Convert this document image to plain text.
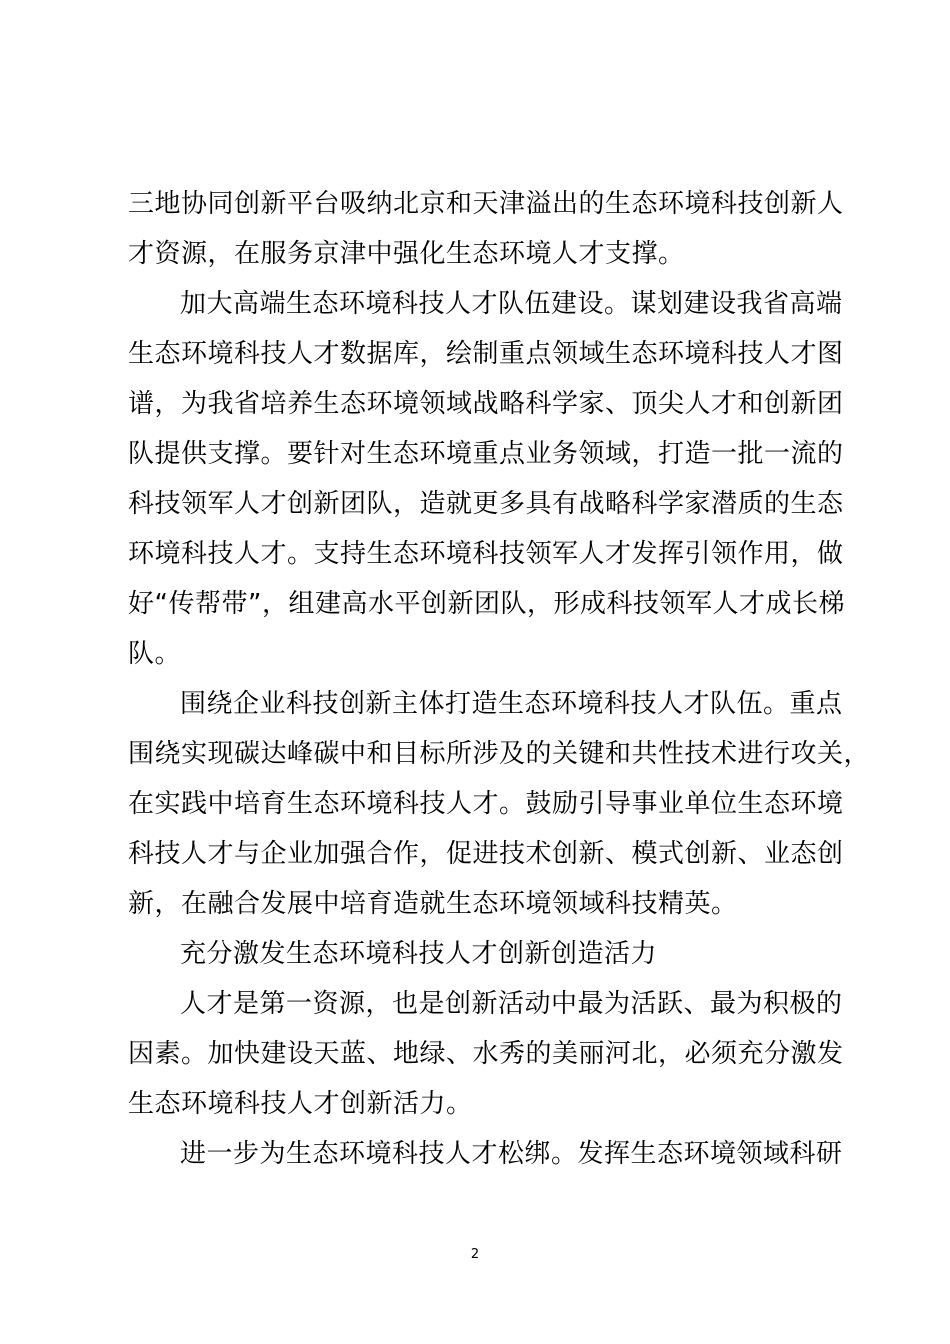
三地协同创新平台吸纳北京和天津溢出的生态环境科技创新人
才资源，在服务京津中强化生态环境人才支撑。
加大高端生态环境科技人才队伍建设。谋划建设我省高端
生态环境科技人才数据库，绘制重点领域生态环境科技人才图
谱，为我省培养生态环境领域战略科学家、顶尖人才和创新团
队提供支撑。要针对生态环境重点业务领域，打造一批一流的
科技领军人才创新团队，造就更多具有战略科学家潜质的生态
环境科技人才。支持生态环境科技领军人才发挥引领作用，做
好“传帮带”，组建高水平创新团队，形成科技领军人才成长梯
队。
围绕企业科技创新主体打造生态环境科技人才队伍。重点
围绕实现碳达峰碳中和目标所涉及的关键和共性技术进行攻关，
在实践中培育生态环境科技人才。鼓励引导事业单位生态环境
科技人才与企业加强合作，促进技术创新、模式创新、业态创
新，在融合发展中培育造就生态环境领域科技精英。
充分激发生态环境科技人才创新创造活力
人才是第一资源，也是创新活动中最为活跃、最为积极的
因素。加快建设天蓝、地绿、水秀的美丽河北，必须充分激发
生态环境科技人才创新活力。
进一步为生态环境科技人才松绑。发挥生态环境领域科研
2
